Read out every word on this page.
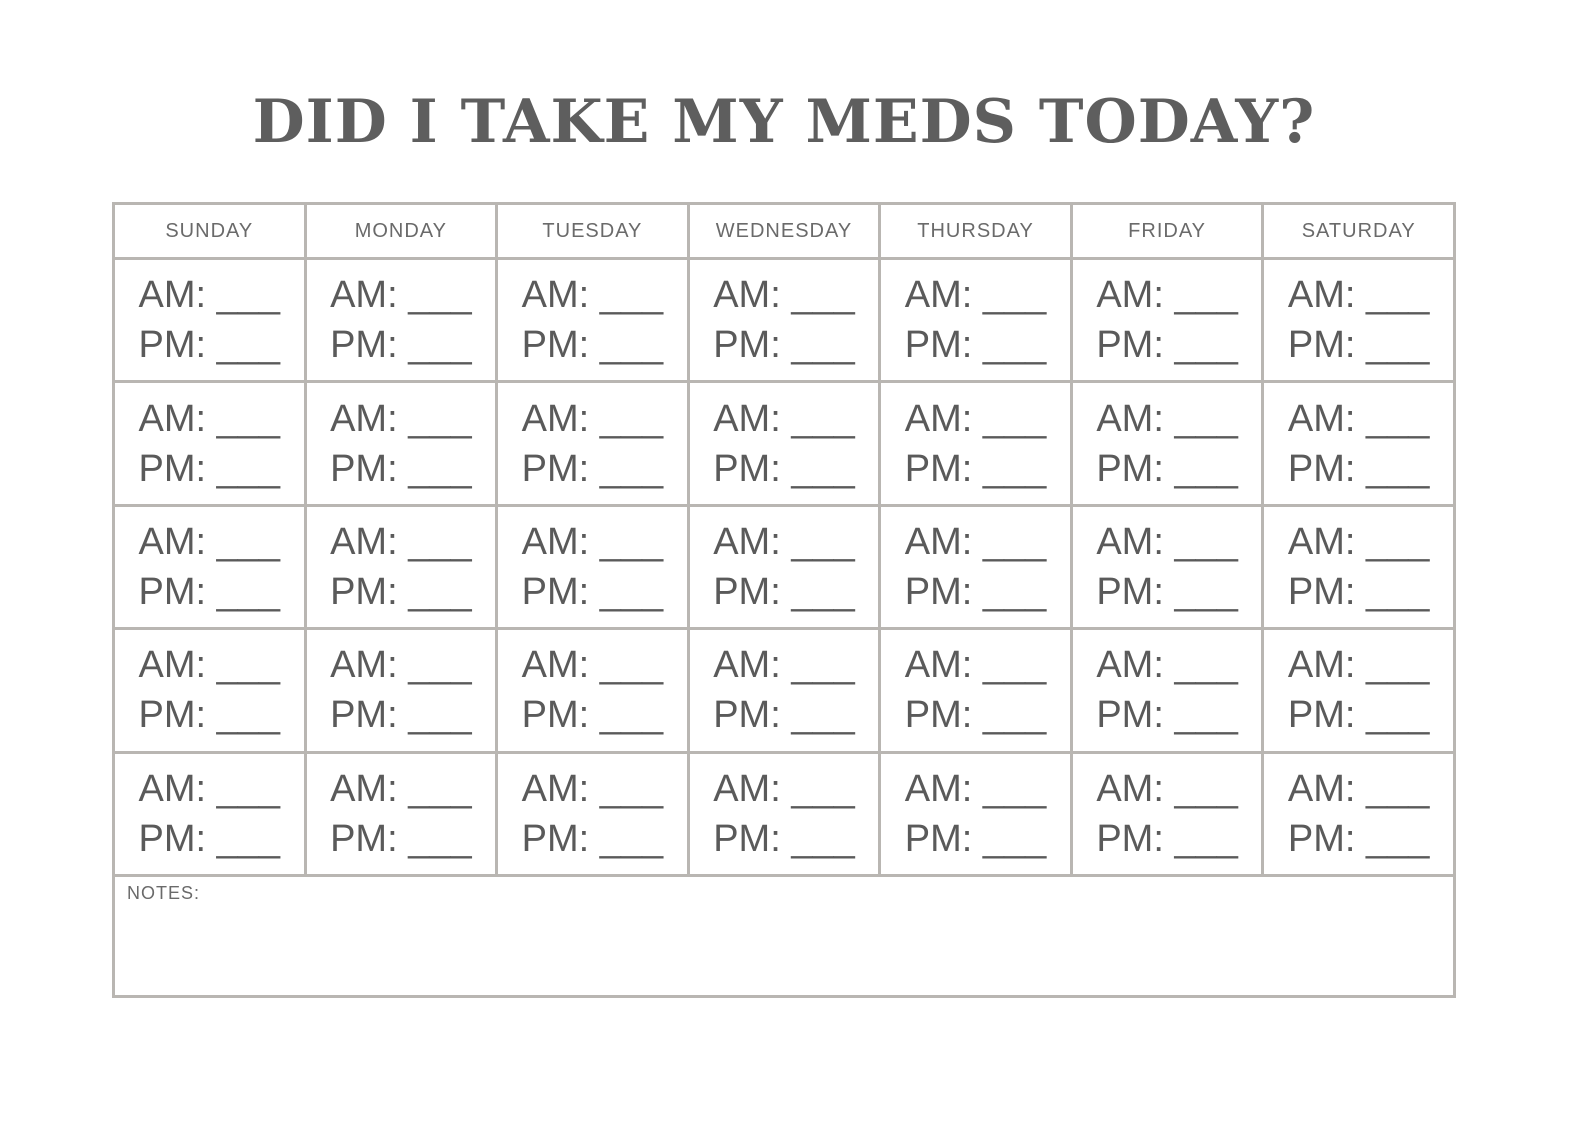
DID I TAKE MY MEDS TODAY?
SUNDAY	MONDAY	TUESDAY	WEDNESDAY	THURSDAY	FRIDAY	SATURDAY

AM: ___
PM: ___	AM: ___
PM: ___	AM: ___
PM: ___	AM: ___
PM: ___	AM: ___
PM: ___	AM: ___
PM: ___	AM: ___
PM: ___

AM: ___
PM: ___	AM: ___
PM: ___	AM: ___
PM: ___	AM: ___
PM: ___	AM: ___
PM: ___	AM: ___
PM: ___	AM: ___
PM: ___

AM: ___
PM: ___	AM: ___
PM: ___	AM: ___
PM: ___	AM: ___
PM: ___	AM: ___
PM: ___	AM: ___
PM: ___	AM: ___
PM: ___

AM: ___
PM: ___	AM: ___
PM: ___	AM: ___
PM: ___	AM: ___
PM: ___	AM: ___
PM: ___	AM: ___
PM: ___	AM: ___
PM: ___

AM: ___
PM: ___	AM: ___
PM: ___	AM: ___
PM: ___	AM: ___
PM: ___	AM: ___
PM: ___	AM: ___
PM: ___	AM: ___
PM: ___

NOTES:						
